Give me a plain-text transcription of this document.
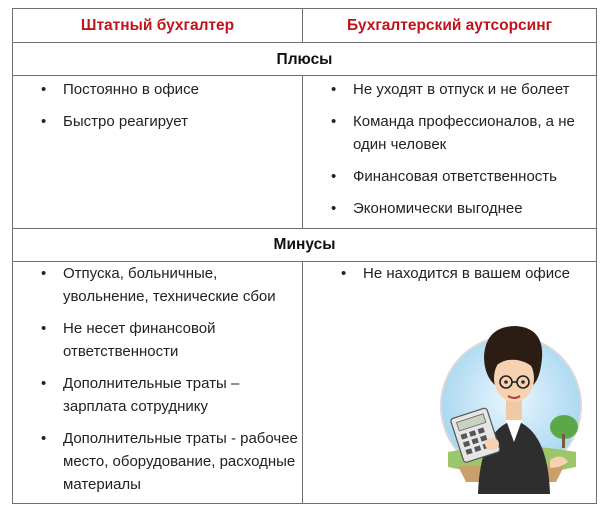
Штатный бухгалтер	Бухгалтерский аутсорсинг
Плюсы
• Постоянно в офисе
• Быстро реагирует
• Не уходят в отпуск и не болеет
• Команда профессионалов, а не один человек
• Финансовая ответственность
• Экономически выгоднее
Минусы
• Отпуска, больничные, увольнение, технические сбои
• Не несет финансовой ответственности
• Дополнительные траты – зарплата сотруднику
• Дополнительные траты - рабочее место, оборудование, расходные материалы
• Не находится в вашем офисе
